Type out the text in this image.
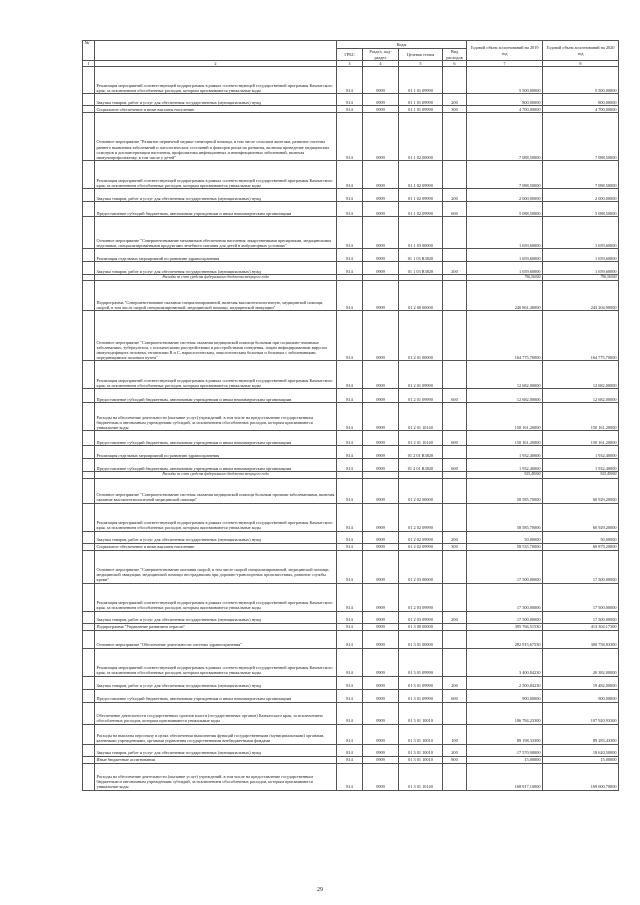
№		Коды				Годовой объем ассигнований на 2019 год	Годовой объем ассигнований на 2020 год
		ГРБС	Раздел, под-раздел	Целевая статья	Вид расходов		
1	2	3	4	5	6	7	8
	Реализация мероприятий соответствующей подпрограммы в рамках соответствующей государственной программы Камчатского края, за исключением обособленных расходов, которым присваиваются уникальные коды	814	0909	01 1 01 09990		5 500,00000	5 500,00000
	Закупка товаров, работ и услуг для обеспечения государственных (муниципальных) нужд	814	0909	01 1 01 09990	200	800,00000	800,00000
	Социальное обеспечение и иные выплаты населению	814	0909	01 1 01 09990	300	4 700,00000	4 700,00000
	Основное мероприятие "Развитие первичной медико-санитарной помощи, в том числе сельским жителям, развитие системы раннего выявления заболеваний и патологических состояний и факторов риска их развития, включая проведение медицинских осмотров и диспансеризации населения, профилактика инфекционных и неинфекционных заболеваний, включая иммунопрофилактику, в том числе у детей"	814	0909	01 1 02 00000		7 088,50000	7 088,50000
	Реализация мероприятий соответствующей подпрограммы в рамках соответствующей государственной программы Камчатского края, за исключением обособленных расходов, которым присваиваются уникальные коды	814	0909	01 1 02 09990		7 088,50000	7 088,50000
	Закупка товаров, работ и услуг для обеспечения государственных (муниципальных) нужд	814	0909	01 1 02 09990	200	2 000,00000	2 000,00000
	Предоставление субсидий бюджетным, автономным учреждениям и иным некоммерческим организациям	814	0909	01 1 02 09990	600	5 088,50000	5 088,50000
	Основное мероприятие "Совершенствование механизмов обеспечения населения лекарственными препаратами, медицинскими изделиями, специализированными продуктами лечебного питания для детей в амбулаторных условиях"	814	0909	01 1 03 00000		1 659,60000	1 659,60000
	Реализация отдельных мероприятий по развитию здравоохранения	814	0909	01 1 03 R3820		1 659,60000	1 659,60000
	Закупка товаров, работ и услуг для обеспечения государственных (муниципальных) нужд	814	0909	01 1 03 R3820	200	1 659,60000	1 659,60000
	Расходы за счет средств федерального бюджета текущего года					796,56000	796,56000
	Подпрограмма "Совершенствование оказания специализированной, включая высокотехнологичную, медицинской помощи, скорой, в том числе скорой специализированной, медицинской помощи, медицинской эвакуации"	814	0909	01 2 00 00000		240 861,40000	243 204,90000
	Основное мероприятие "Совершенствование системы оказания медицинской помощи больным при социально-значимых заболеваниях: туберкулезом, с психическими расстройствами и расстройствами поведения, лицам инфицированным вирусом иммунодефицита человека, гепатитами В и С, наркологическим, онкологическим больным и больным с заболеваниями, передающимися половым путем"	814	0909	01 2 01 00000		164 775,70000	164 775,70000
	Реализация мероприятий соответствующей подпрограммы в рамках соответствующей государственной программы Камчатского края, за исключением обособленных расходов, которым присваиваются уникальные коды	814	0909	01 2 01 09990		12 682,00000	12 682,00000
	Предоставление субсидий бюджетным, автономным учреждениям и иным некоммерческим организациям	814	0909	01 2 01 09990	600	12 682,00000	12 682,00000
	Расходы на обеспечение деятельности (оказание услуг) учреждений, в том числе на предоставление государственным бюджетным и автономным учреждениям субсидий, за исключением обособленных расходов, которым присваиваются уникальные коды	814	0909	01 2 01 10140		150 161,20000	150 161,20000
	Предоставление субсидий бюджетным, автономным учреждениям и иным некоммерческим организациям	814	0909	01 2 01 10140	600	150 161,20000	150 161,20000
	Реализация отдельных мероприятий по развитию здравоохранения	814	0909	01 2 01 R3820		1 932,40000	1 932,40000
	Предоставление субсидий бюджетным, автономным учреждениям и иным некоммерческим организациям	814	0909	01 2 01 R3820	600	1 932,40000	1 932,40000
	Расходы за счет средств федерального бюджета текущего года					925,49000	925,49000
	Основное мероприятие "Совершенствование системы оказания медицинской помощи больным прочими заболеваниями, включая оказание высокотехнологичной медицинской помощи"	814	0909	01 2 02 00000		58 585,70000	60 929,20000
	Реализация мероприятий соответствующей подпрограммы в рамках соответствующей государственной программы Камчатского края, за исключением обособленных расходов, которым присваиваются уникальные коды	814	0909	01 2 02 09990		58 585,70000	60 929,20000
	Закупка товаров, работ и услуг для обеспечения государственных (муниципальных) нужд	814	0909	01 2 02 09990	200	50,00000	50,00000
	Социальное обеспечение и иные выплаты населению	814	0909	01 2 02 09990	300	58 535,70000	60 879,20000
	Основное мероприятие "Совершенствование оказания скорой, в том числе скорой специализированной, медицинской помощи, медицинской эвакуации, медицинской помощи пострадавшим при дорожно-транспортных происшествиях, развитие службы крови"	814	0909	01 2 03 00000		17 500,00000	17 500,00000
	Реализация мероприятий соответствующей подпрограммы в рамках соответствующей государственной программы Камчатского края, за исключением обособленных расходов, которым присваиваются уникальные коды	814	0909	01 2 03 09990		17 500,00000	17 500,00000
	Закупка товаров, работ и услуг для обеспечения государственных (муниципальных) нужд	814	0909	01 2 03 09990	200	17 500,00000	17 500,00000
	Подпрограмма "Управление развитием отрасли"	814	0909	01 3 00 00000		395 766,51530	413 304,17300
	Основное мероприятие "Обеспечение деятельности системы здравоохранения"	814	0909	01 3 01 00000		282 915,67530	300 758,83300
	Реализация мероприятий соответствующей подпрограммы в рамках соответствующей государственной программы Камчатского края, за исключением обособленных расходов, которым присваиваются уникальные коды	814	0909	01 3 01 09990		3 400,84230	20 382,00000
	Закупка товаров, работ и услуг для обеспечения государственных (муниципальных) нужд	814	0909	01 3 01 09990	200	2 500,84230	19 482,00000
	Предоставление субсидий бюджетным, автономным учреждениям и иным некоммерческим организациям	814	0909	01 3 01 09990	600	900,00000	900,00000
	Обеспечение деятельности государственных органов власти (государственных органов) Камчатского края, за исключением обособленных расходов, которым присваиваются уникальные коды	814	0909	01 3 01 10010		106 784,23300	107 920,93300
	Расходы на выплаты персоналу в целях обеспечения выполнения функций государственными (муниципальными) органами, казенными учреждениями, органами управления государственными внебюджетными фондами	814	0909	01 3 01 10010	100	89 198,33300	89 283,43300
	Закупка товаров, работ и услуг для обеспечения государственных (муниципальных) нужд	814	0909	01 3 01 10010	200	17 570,90000	18 620,50000
	Иные бюджетные ассигнования	814	0909	01 3 01 10010	800	15,00000	15,00000
	Расходы на обеспечение деятельности (оказание услуг) учреждений, в том числе на предоставление государственным бюджетным и автономным учреждениям субсидий, за исключением обособленных расходов, которым присваиваются уникальные коды	814	0909	01 3 01 10140		168 917,10000	169 000,70000
29
